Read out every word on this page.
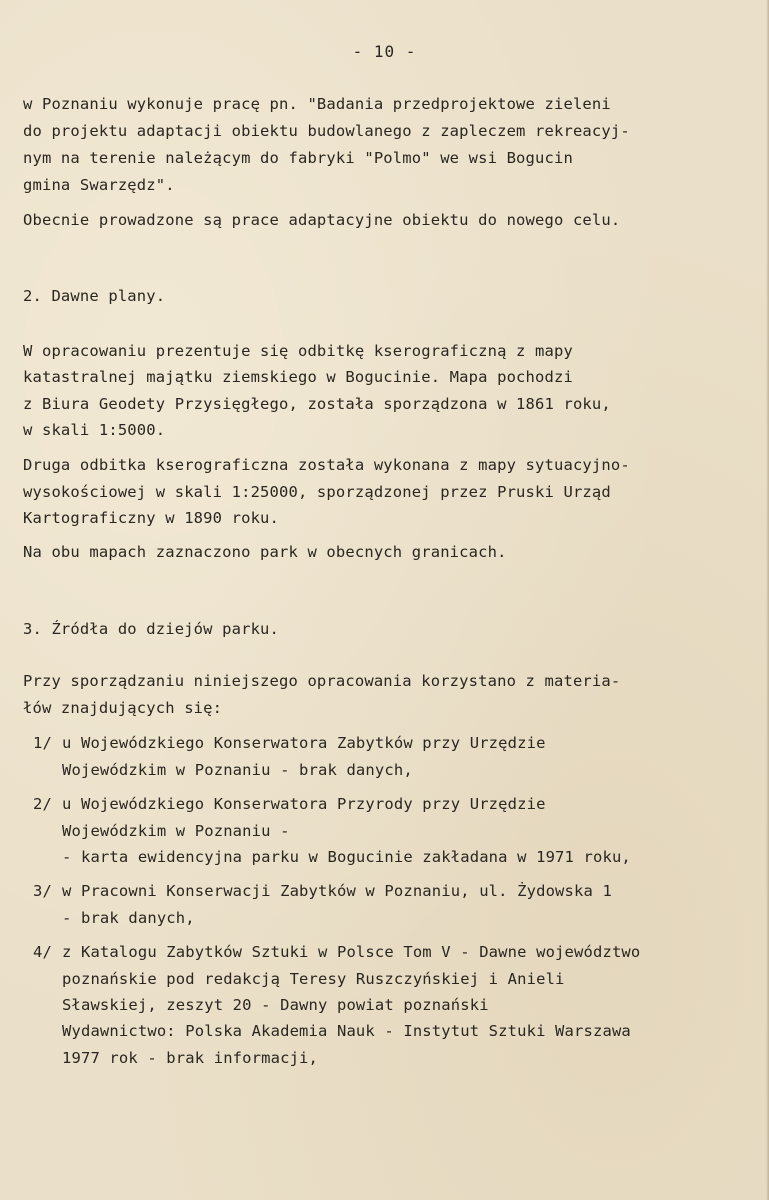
- 10 -
w Poznaniu wykonuje pracę pn. "Badania przedprojektowe zieleni
do projektu adaptacji obiektu budowlanego z zapleczem rekreacyj-
nym na terenie należącym do fabryki "Polmo" we wsi Bogucin
gmina Swarzędz".
Obecnie prowadzone są prace adaptacyjne obiektu do nowego celu.
2. Dawne plany.
W opracowaniu prezentuje się odbitkę kserograficzną z mapy
katastralnej majątku ziemskiego w Bogucinie. Mapa pochodzi
z Biura Geodety Przysięgłego, została sporządzona w 1861 roku,
w skali 1:5000.
Druga odbitka kserograficzna została wykonana z mapy sytuacyjno-
wysokościowej w skali 1:25000, sporządzonej przez Pruski Urząd
Kartograficzny w 1890 roku.
Na obu mapach zaznaczono park w obecnych granicach.
3. Źródła do dziejów parku.
Przy sporządzaniu niniejszego opracowania korzystano z materia-
łów znajdujących się:
1/ u Wojewódzkiego Konserwatora Zabytków przy Urzędzie
Wojewódzkim w Poznaniu - brak danych,
2/ u Wojewódzkiego Konserwatora Przyrody przy Urzędzie
Wojewódzkim w Poznaniu -
- karta ewidencyjna parku w Bogucinie zakładana w 1971 roku,
3/ w Pracowni Konserwacji Zabytków w Poznaniu, ul. Żydowska 1
- brak danych,
4/ z Katalogu Zabytków Sztuki w Polsce Tom V - Dawne województwo
poznańskie pod redakcją Teresy Ruszczyńskiej i Anieli
Sławskiej, zeszyt 20 - Dawny powiat poznański
Wydawnictwo: Polska Akademia Nauk - Instytut Sztuki Warszawa
1977 rok - brak informacji,
